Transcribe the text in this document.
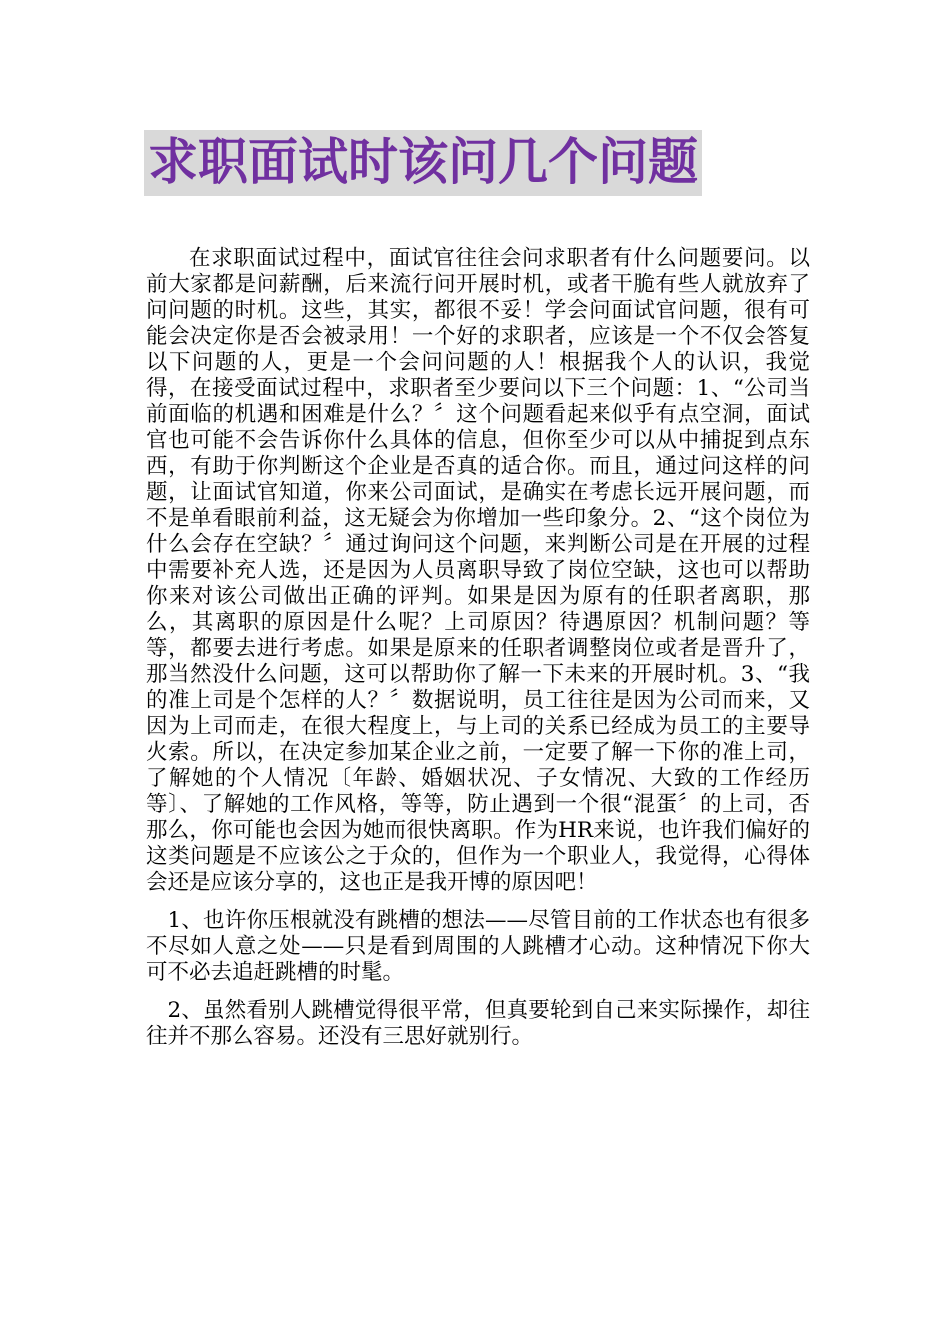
求职面试时该问几个问题

在求职面试过程中，面试官往往会问求职者有什么问题要问。以前大家都是问薪酬，后来流行问开展时机，或者干脆有些人就放弃了问问题的时机。这些，其实，都很不妥！学会问面试官问题，很有可能会决定你是否会被录用！一个好的求职者，应该是一个不仅会答复以下问题的人，更是一个会问问题的人！根据我个人的认识，我觉得，在接受面试过程中，求职者至少要问以下三个问题：1、“公司当前面临的机遇和困难是什么？〞这个问题看起来似乎有点空洞，面试官也可能不会告诉你什么具体的信息，但你至少可以从中捕捉到点东西，有助于你判断这个企业是否真的适合你。而且，通过问这样的问题，让面试官知道，你来公司面试，是确实在考虑长远开展问题，而不是单看眼前利益，这无疑会为你增加一些印象分。2、“这个岗位为什么会存在空缺？〞通过询问这个问题，来判断公司是在开展的过程中需要补充人选，还是因为人员离职导致了岗位空缺，这也可以帮助你来对该公司做出正确的评判。如果是因为原有的任职者离职，那么，其离职的原因是什么呢？上司原因？待遇原因？机制问题？等等，都要去进行考虑。如果是原来的任职者调整岗位或者是晋升了，那当然没什么问题，这可以帮助你了解一下未来的开展时机。3、“我的准上司是个怎样的人？〞数据说明，员工往往是因为公司而来，又因为上司而走，在很大程度上，与上司的关系已经成为员工的主要导火索。所以，在决定参加某企业之前，一定要了解一下你的准上司，了解她的个人情况〔年龄、婚姻状况、子女情况、大致的工作经历等〕、了解她的工作风格，等等，防止遇到一个很“混蛋〞的上司，否那么，你可能也会因为她而很快离职。作为HR来说，也许我们偏好的这类问题是不应该公之于众的，但作为一个职业人，我觉得，心得体会还是应该分享的，这也正是我开博的原因吧！

1、也许你压根就没有跳槽的想法——尽管目前的工作状态也有很多不尽如人意之处——只是看到周围的人跳槽才心动。这种情况下你大可不必去追赶跳槽的时髦。

2、虽然看别人跳槽觉得很平常，但真要轮到自己来实际操作，却往往并不那么容易。还没有三思好就别行。
